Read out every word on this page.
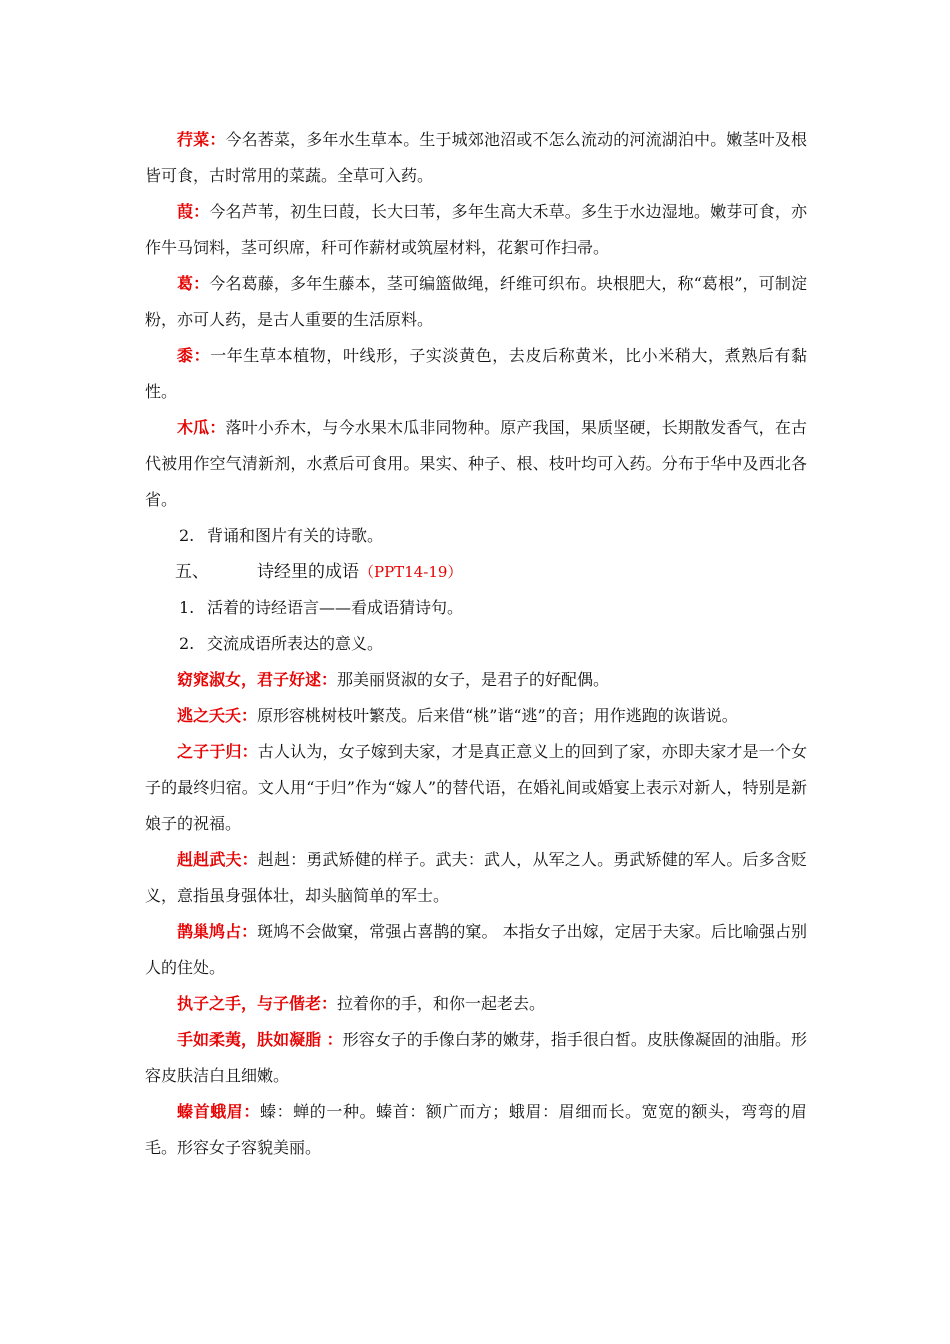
荇菜：今名莕菜，多年水生草本。生于城郊池沼或不怎么流动的河流湖泊中。嫩茎叶及根皆可食，古时常用的菜蔬。全草可入药。

葭：今名芦苇，初生曰葭，长大曰苇，多年生高大禾草。多生于水边湿地。嫩芽可食，亦作牛马饲料，茎可织席，秆可作薪材或筑屋材料，花絮可作扫帚。

葛：今名葛藤，多年生藤本，茎可编篮做绳，纤维可织布。块根肥大，称“葛根”，可制淀粉，亦可人药，是古人重要的生活原料。

黍：一年生草本植物，叶线形，子实淡黄色，去皮后称黄米，比小米稍大，煮熟后有黏性。

木瓜：落叶小乔木，与今水果木瓜非同物种。原产我国，果质坚硬，长期散发香气，在古代被用作空气清新剂，水煮后可食用。果实、种子、根、枝叶均可入药。分布于华中及西北各省。

2. 背诵和图片有关的诗歌。

五、	诗经里的成语（PPT14-19）

1. 活着的诗经语言——看成语猜诗句。

2. 交流成语所表达的意义。

窈窕淑女，君子好逑：那美丽贤淑的女子，是君子的好配偶。

逃之夭夭：原形容桃树枝叶繁茂。后来借“桃”谐“逃”的音；用作逃跑的诙谐说。

之子于归：古人认为，女子嫁到夫家，才是真正意义上的回到了家，亦即夫家才是一个女子的最终归宿。文人用“于归”作为“嫁人”的替代语，在婚礼间或婚宴上表示对新人，特别是新娘子的祝福。

赳赳武夫：赳赳：勇武矫健的样子。武夫：武人，从军之人。勇武矫健的军人。后多含贬义，意指虽身强体壮，却头脑简单的军士。

鹊巢鸠占：斑鸠不会做窠，常强占喜鹊的窠。 本指女子出嫁，定居于夫家。后比喻强占别人的住处。

执子之手，与子偕老：拉着你的手，和你一起老去。

手如柔荑，肤如凝脂 ：形容女子的手像白茅的嫩芽，指手很白皙。皮肤像凝固的油脂。形容皮肤洁白且细嫩。

螓首蛾眉：螓：蝉的一种。螓首：额广而方；蛾眉：眉细而长。宽宽的额头，弯弯的眉毛。形容女子容貌美丽。
